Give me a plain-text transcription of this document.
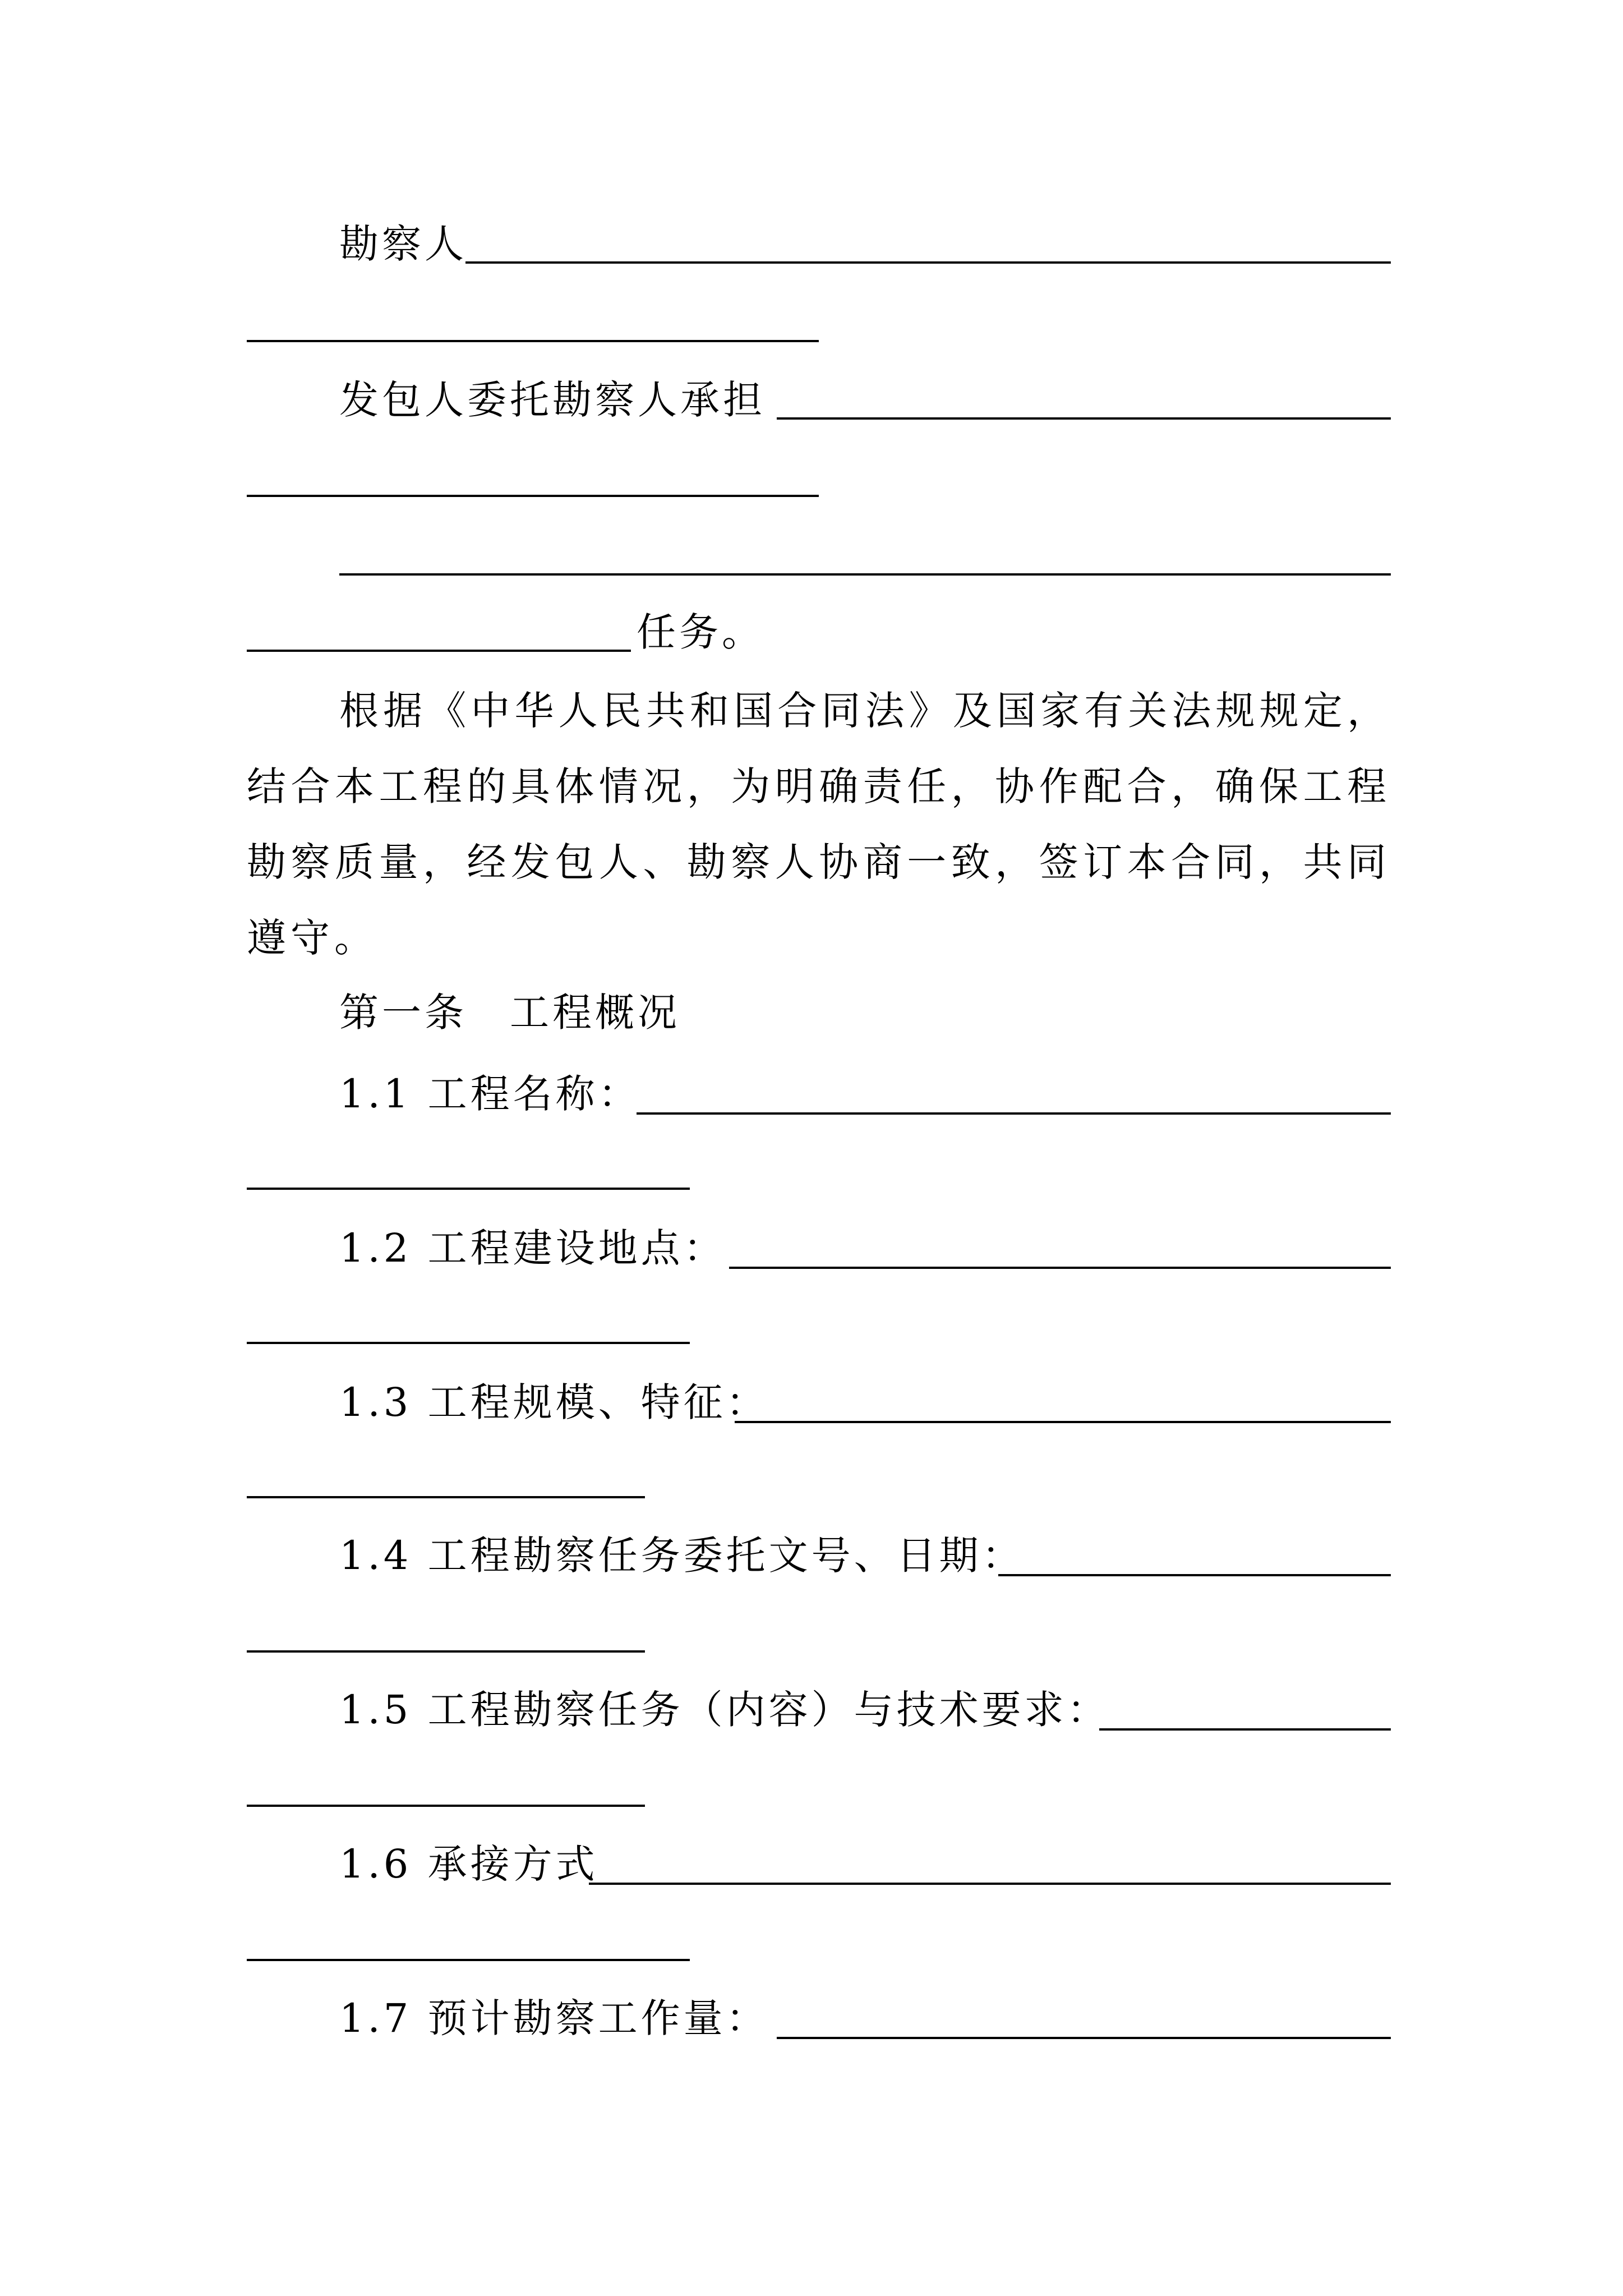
勘察人
发包人委托勘察人承担
任务。
根据《中华人民共和国合同法》及国家有关法规规定，结合本工程的具体情况，为明确责任，协作配合，确保工程勘察质量，经发包人、勘察人协商一致，签订本合同，共同遵守。
第一条　工程概况
1.1 工程名称：
1.2 工程建设地点：
1.3 工程规模、特征：
1.4 工程勘察任务委托文号、日期：
1.5 工程勘察任务（内容）与技术要求：
1.6 承接方式
1.7 预计勘察工作量：
